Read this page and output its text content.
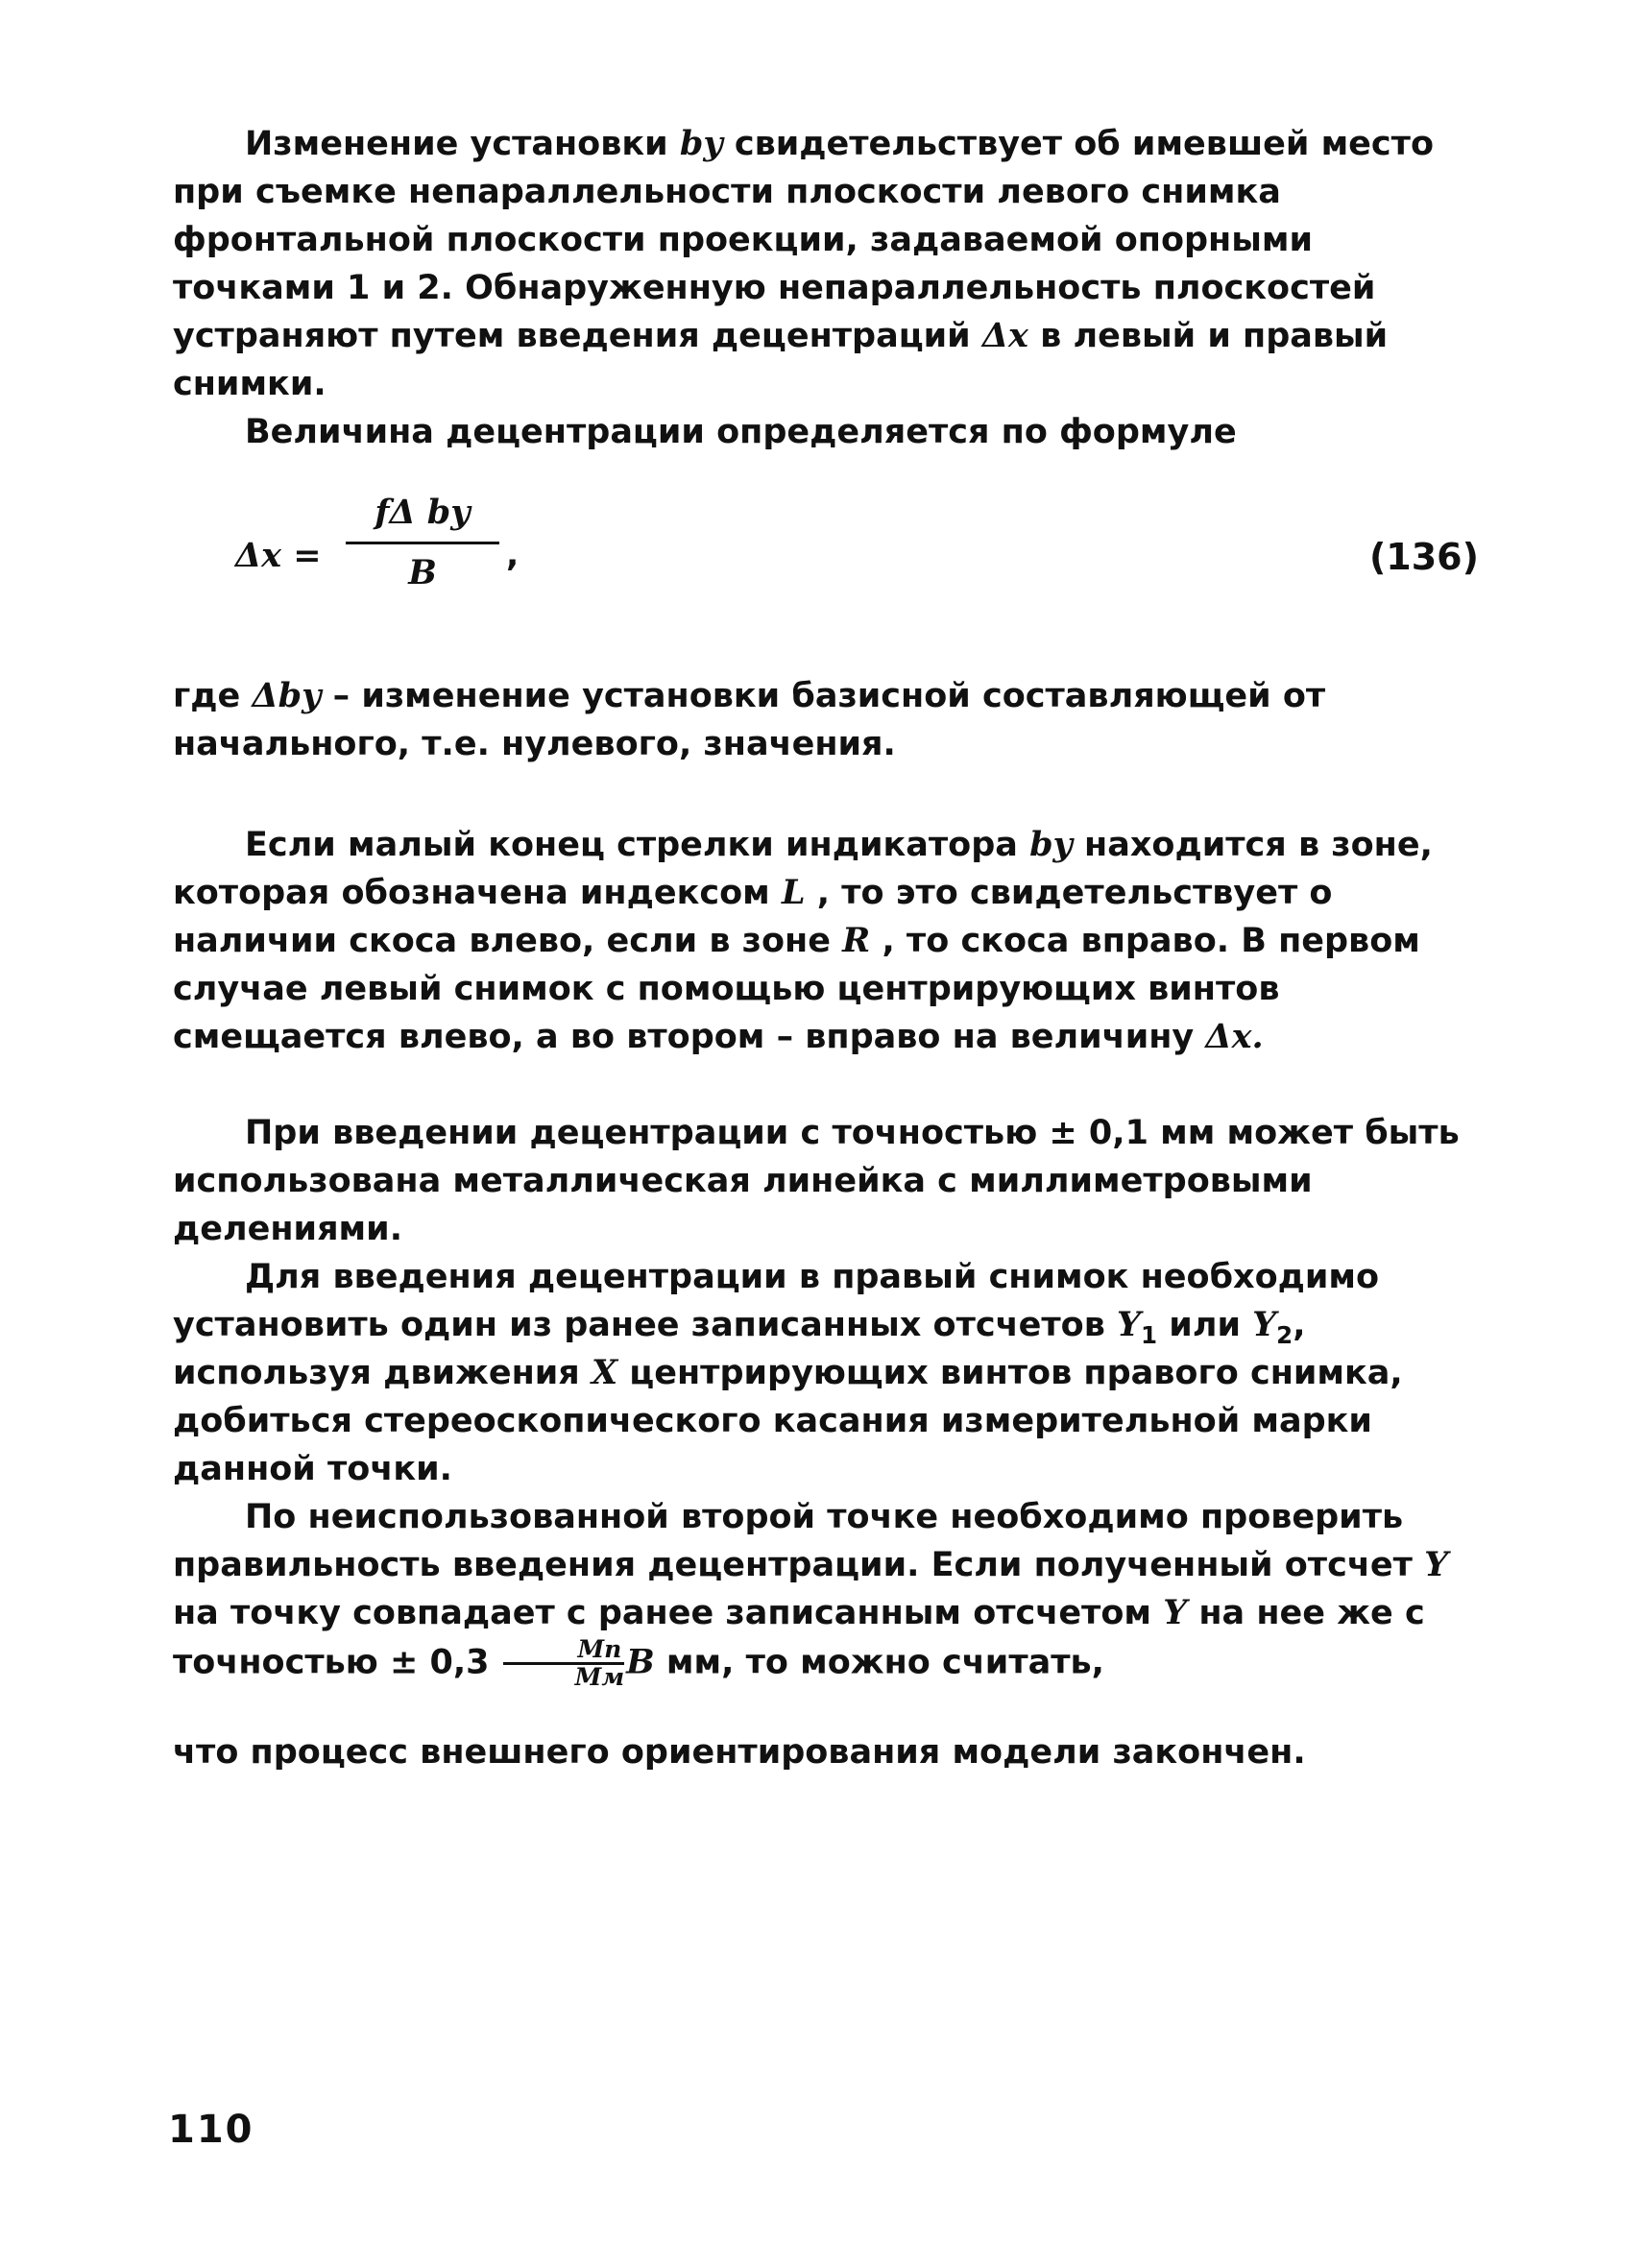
Изменение установки by свидетельствует об имевшей место при съемке непараллельности плоскости левого снимка фронтальной плоскости проекции, задаваемой опорными точками 1 и 2. Обнаруженную непараллельность плоскостей устраняют путем введения децентраций Δx в левый и правый снимки.

Величина децентрации определяется по формуле

Δx =
fΔ by
B	,	(136)

где Δby – изменение установки базисной составляющей от начального, т.е. нулевого, значения.

Если малый конец стрелки индикатора by находится в зоне, которая обозначена индексом L , то это свидетельствует о наличии скоса влево, если в зоне R , то скоса вправо. В первом случае левый снимок с помощью центрирующих винтов смещается влево, а во втором – вправо на величину Δx.

При введении децентрации с точностью ± 0,1 мм может быть использована металлическая линейка с миллиметровыми делениями.

Для введения децентрации в правый снимок необходимо установить один из ранее записанных отсчетов $Y_1$ или $Y_2$, используя движения X центрирующих винтов правого снимка, добиться стереоскопического касания измерительной марки данной точки.

По неиспользованной второй точке необходимо проверить правильность введения децентрации. Если полученный отсчет Y на точку совпадает с ранее записанным отсчетом Y на нее же с точностью ± $0,3 \frac{Mп}{Mм}$ B мм, то можно считать,

что процесс внешнего ориентирования модели закончен.

110
